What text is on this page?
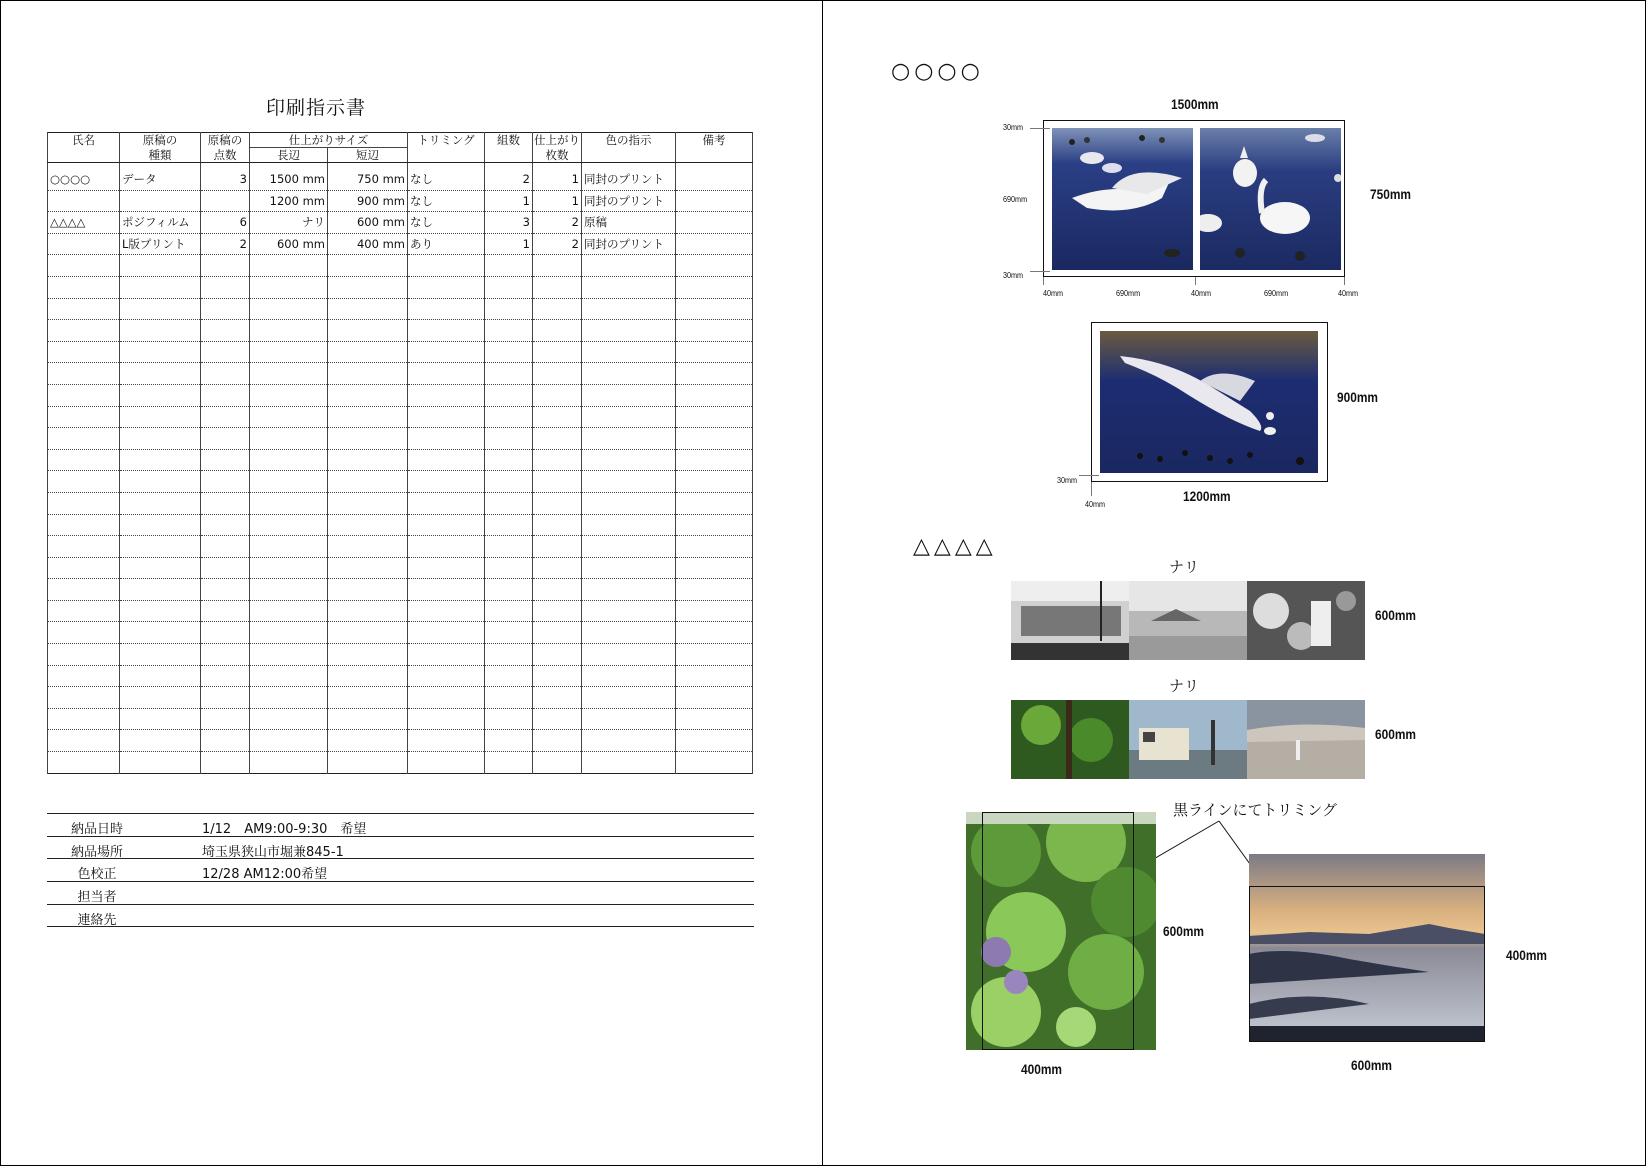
印刷指示書
氏名	原稿の	原稿の	仕上がりサイズ		トリミング	組数	仕上がり	色の指示	備考
	種類	点数	長辺	短辺			枚数		
○○○○	データ	3	1500 mm	750 mm	なし	2	1	同封のプリント	
			1200 mm	900 mm	なし	1	1	同封のプリント	
△△△△	ポジフィルム	6	ナリ	600 mm	なし	3	2	原稿	
	L版プリント	2	600 mm	400 mm	あり	1	2	同封のプリント	

納品日時	1/12　AM9:00-9:30　希望
納品場所	埼玉県狭山市堀兼845-1
色校正	12/28 AM12:00希望
担当者
連絡先
○○○○
1500mm
750mm
30mm
690mm
30mm
40mm	690mm	40mm	690mm	40mm
900mm
30mm
40mm	1200mm
△△△△
ナリ
600mm
ナリ
600mm
黒ラインにてトリミング
600mm
400mm
400mm
600mm
